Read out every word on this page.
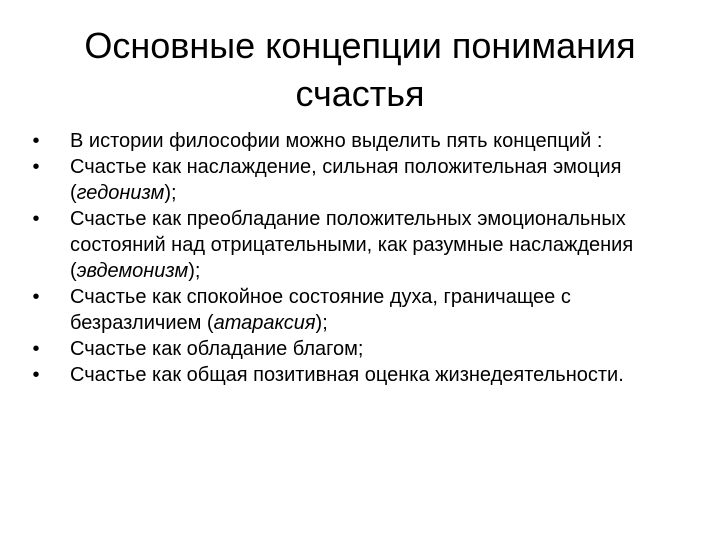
Основные концепции понимания
счастья
• В истории философии можно выделить пять концепций :
• Счастье как наслаждение, сильная положительная эмоция (гедонизм);
• Счастье как преобладание положительных эмоциональных состояний над отрицательными, как разумные наслаждения (эвдемонизм);
• Счастье как спокойное состояние духа, граничащее с безразличием (атараксия);
• Счастье как обладание благом;
• Счастье как общая позитивная оценка жизнедеятельности.
